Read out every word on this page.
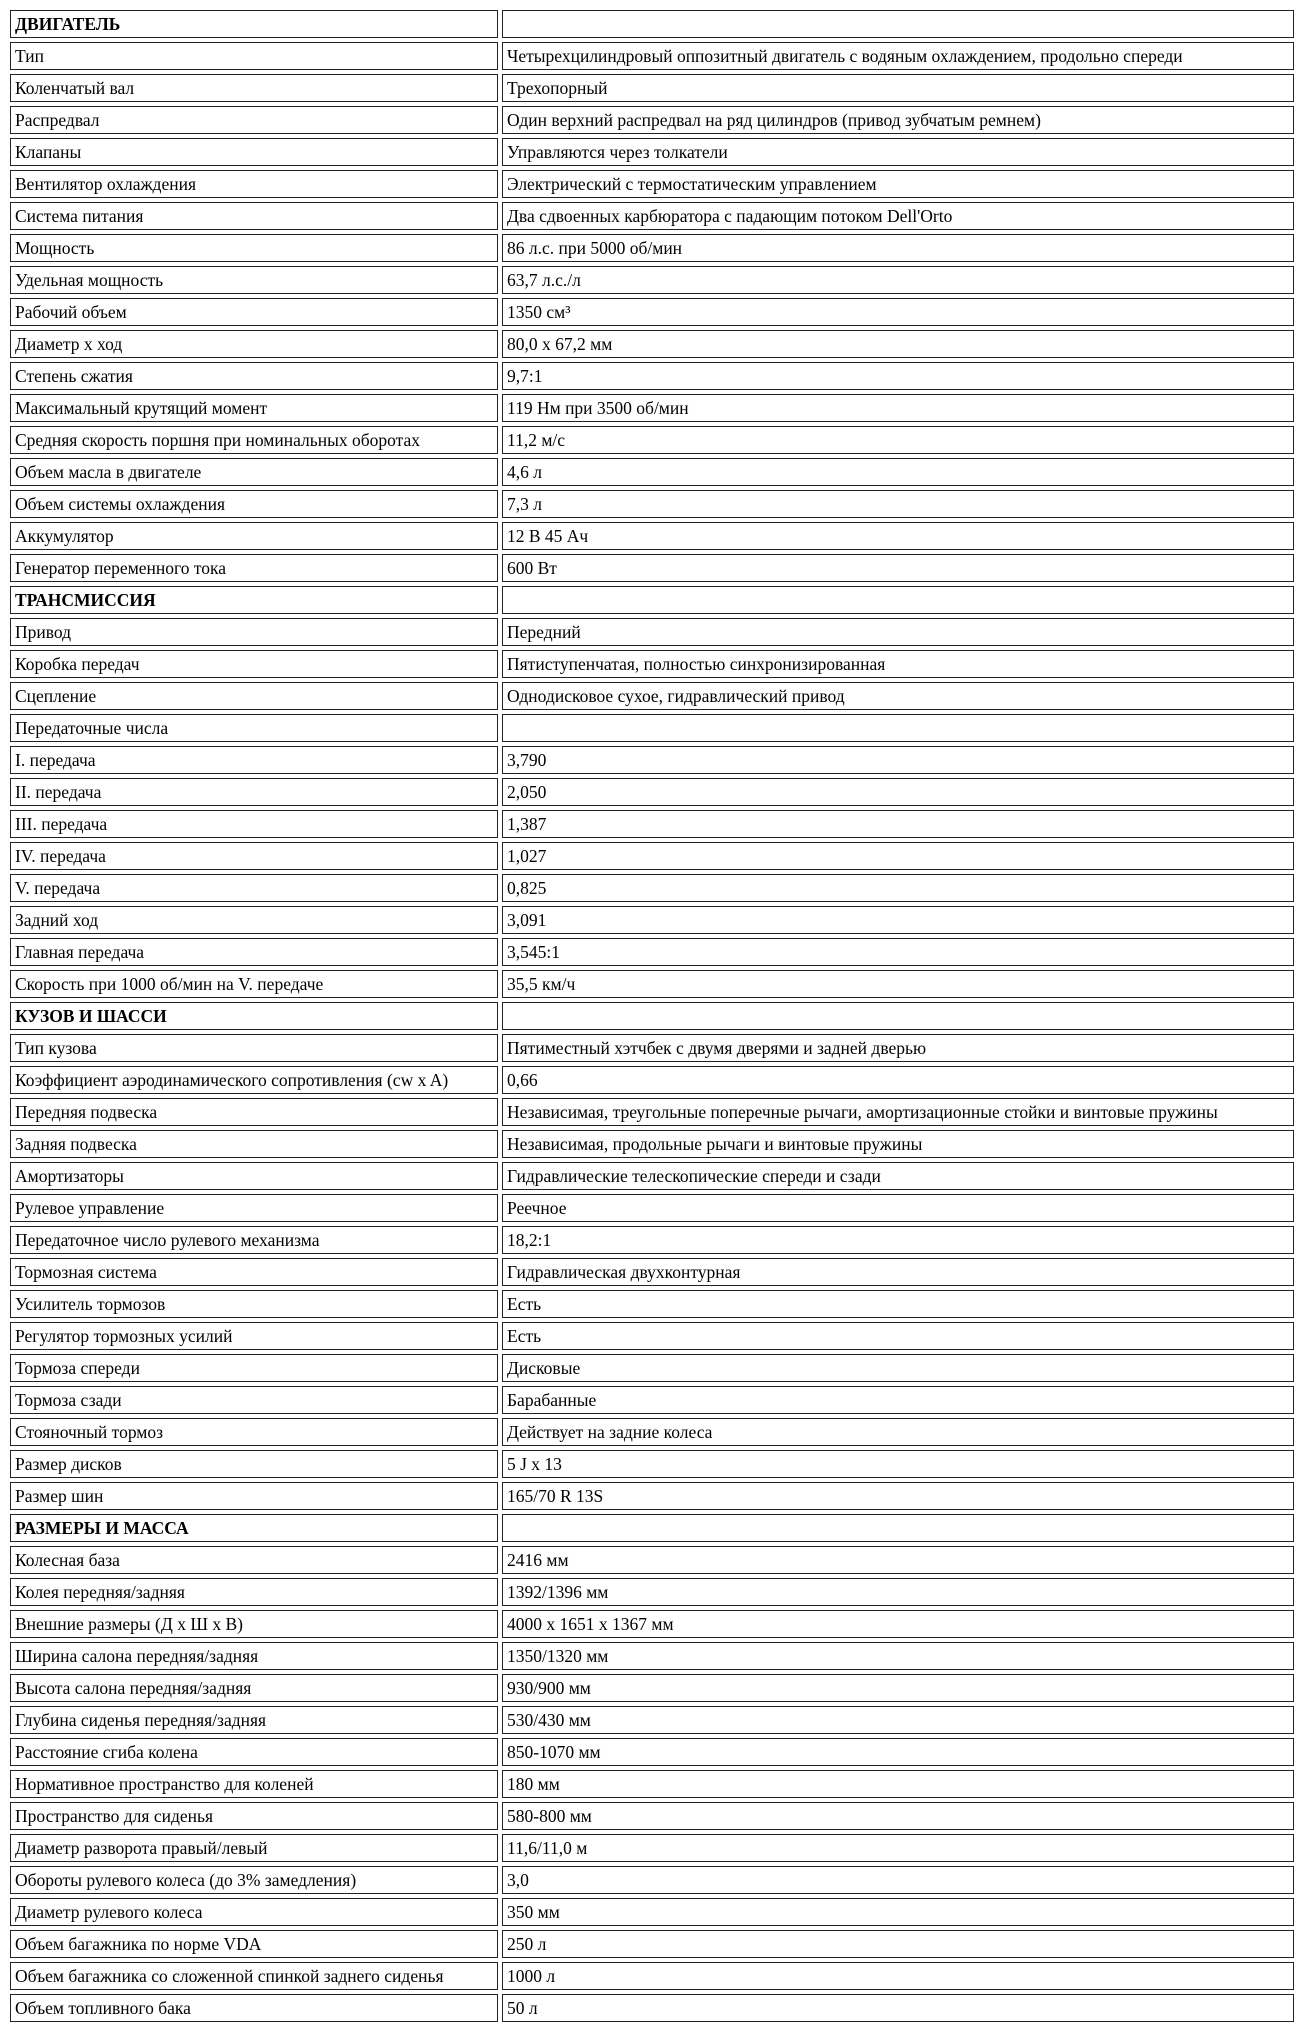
ДВИГАТЕЛЬ	
Тип	Четырехцилиндровый оппозитный двигатель с водяным охлаждением, продольно спереди
Коленчатый вал	Трехопорный
Распредвал	Один верхний распредвал на ряд цилиндров (привод зубчатым ремнем)
Клапаны	Управляются через толкатели
Вентилятор охлаждения	Электрический с термостатическим управлением
Система питания	Два сдвоенных карбюратора с падающим потоком Dell'Orto
Мощность	86 л.с. при 5000 об/мин
Удельная мощность	63,7 л.с./л
Рабочий объем	1350 см³
Диаметр х ход	80,0 х 67,2 мм
Степень сжатия	9,7:1
Максимальный крутящий момент	119 Нм при 3500 об/мин
Средняя скорость поршня при номинальных оборотах	11,2 м/с
Объем масла в двигателе	4,6 л
Объем системы охлаждения	7,3 л
Аккумулятор	12 В 45 Ач
Генератор переменного тока	600 Вт
ТРАНСМИССИЯ	
Привод	Передний
Коробка передач	Пятиступенчатая, полностью синхронизированная
Сцепление	Однодисковое сухое, гидравлический привод
Передаточные числа	
I. передача	3,790
II. передача	2,050
III. передача	1,387
IV. передача	1,027
V. передача	0,825
Задний ход	3,091
Главная передача	3,545:1
Скорость при 1000 об/мин на V. передаче	35,5 км/ч
КУЗОВ И ШАССИ	
Тип кузова	Пятиместный хэтчбек с двумя дверями и задней дверью
Коэффициент аэродинамического сопротивления (cw x A)	0,66
Передняя подвеска	Независимая, треугольные поперечные рычаги, амортизационные стойки и винтовые пружины
Задняя подвеска	Независимая, продольные рычаги и винтовые пружины
Амортизаторы	Гидравлические телескопические спереди и сзади
Рулевое управление	Реечное
Передаточное число рулевого механизма	18,2:1
Тормозная система	Гидравлическая двухконтурная
Усилитель тормозов	Есть
Регулятор тормозных усилий	Есть
Тормоза спереди	Дисковые
Тормоза сзади	Барабанные
Стояночный тормоз	Действует на задние колеса
Размер дисков	5 J x 13
Размер шин	165/70 R 13S
РАЗМЕРЫ И МАССА	
Колесная база	2416 мм
Колея передняя/задняя	1392/1396 мм
Внешние размеры (Д х Ш х В)	4000 х 1651 х 1367 мм
Ширина салона передняя/задняя	1350/1320 мм
Высота салона передняя/задняя	930/900 мм
Глубина сиденья передняя/задняя	530/430 мм
Расстояние сгиба колена	850-1070 мм
Нормативное пространство для коленей	180 мм
Пространство для сиденья	580-800 мм
Диаметр разворота правый/левый	11,6/11,0 м
Обороты рулевого колеса (до 3% замедления)	3,0
Диаметр рулевого колеса	350 мм
Объем багажника по норме VDA	250 л
Объем багажника со сложенной спинкой заднего сиденья	1000 л
Объем топливного бака	50 л
